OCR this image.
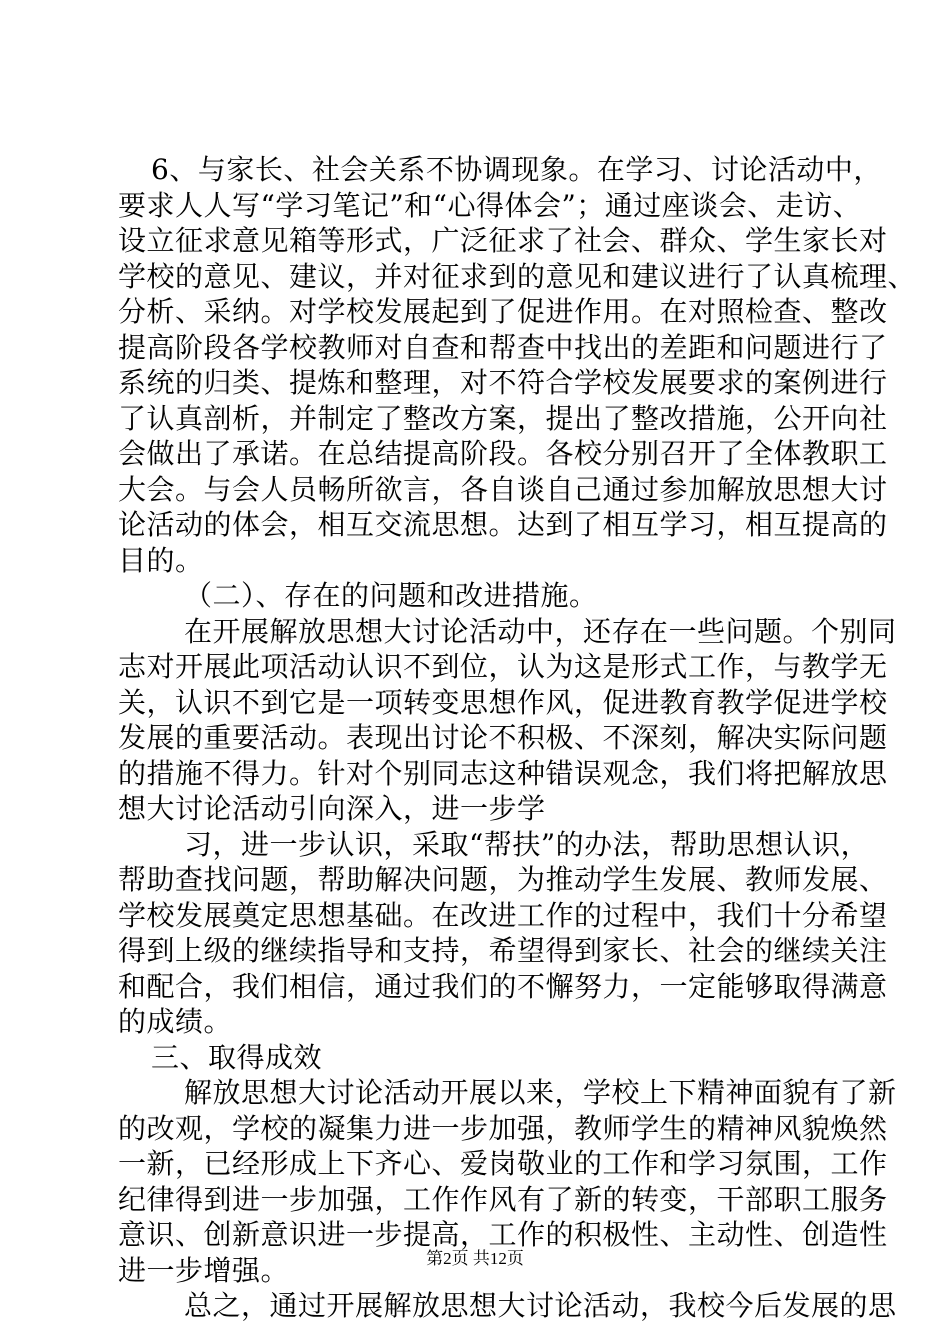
6、与家长、社会关系不协调现象。在学习、讨论活动中，
要求人人写“学习笔记”和“心得体会”；通过座谈会、走访、
设立征求意见箱等形式，广泛征求了社会、群众、学生家长对
学校的意见、建议，并对征求到的意见和建议进行了认真梳理、
分析、采纳。对学校发展起到了促进作用。在对照检查、整改
提高阶段各学校教师对自查和帮查中找出的差距和问题进行了
系统的归类、提炼和整理，对不符合学校发展要求的案例进行
了认真剖析，并制定了整改方案，提出了整改措施，公开向社
会做出了承诺。在总结提高阶段。各校分别召开了全体教职工
大会。与会人员畅所欲言，各自谈自己通过参加解放思想大讨
论活动的体会，相互交流思想。达到了相互学习，相互提高的
目的。
（二）、存在的问题和改进措施。
在开展解放思想大讨论活动中，还存在一些问题。个别同
志对开展此项活动认识不到位，认为这是形式工作，与教学无
关，认识不到它是一项转变思想作风，促进教育教学促进学校
发展的重要活动。表现出讨论不积极、不深刻，解决实际问题
的措施不得力。针对个别同志这种错误观念，我们将把解放思
想大讨论活动引向深入，进一步学
习，进一步认识，采取“帮扶”的办法，帮助思想认识，
帮助查找问题，帮助解决问题，为推动学生发展、教师发展、
学校发展奠定思想基础。在改进工作的过程中，我们十分希望
得到上级的继续指导和支持，希望得到家长、社会的继续关注
和配合，我们相信，通过我们的不懈努力，一定能够取得满意
的成绩。
三、取得成效
解放思想大讨论活动开展以来，学校上下精神面貌有了新
的改观，学校的凝集力进一步加强，教师学生的精神风貌焕然
一新，已经形成上下齐心、爱岗敬业的工作和学习氛围，工作
纪律得到进一步加强，工作作风有了新的转变，干部职工服务
意识、创新意识进一步提高，工作的积极性、主动性、创造性
进一步增强。
总之，通过开展解放思想大讨论活动，我校今后发展的思
第2页 共12页
